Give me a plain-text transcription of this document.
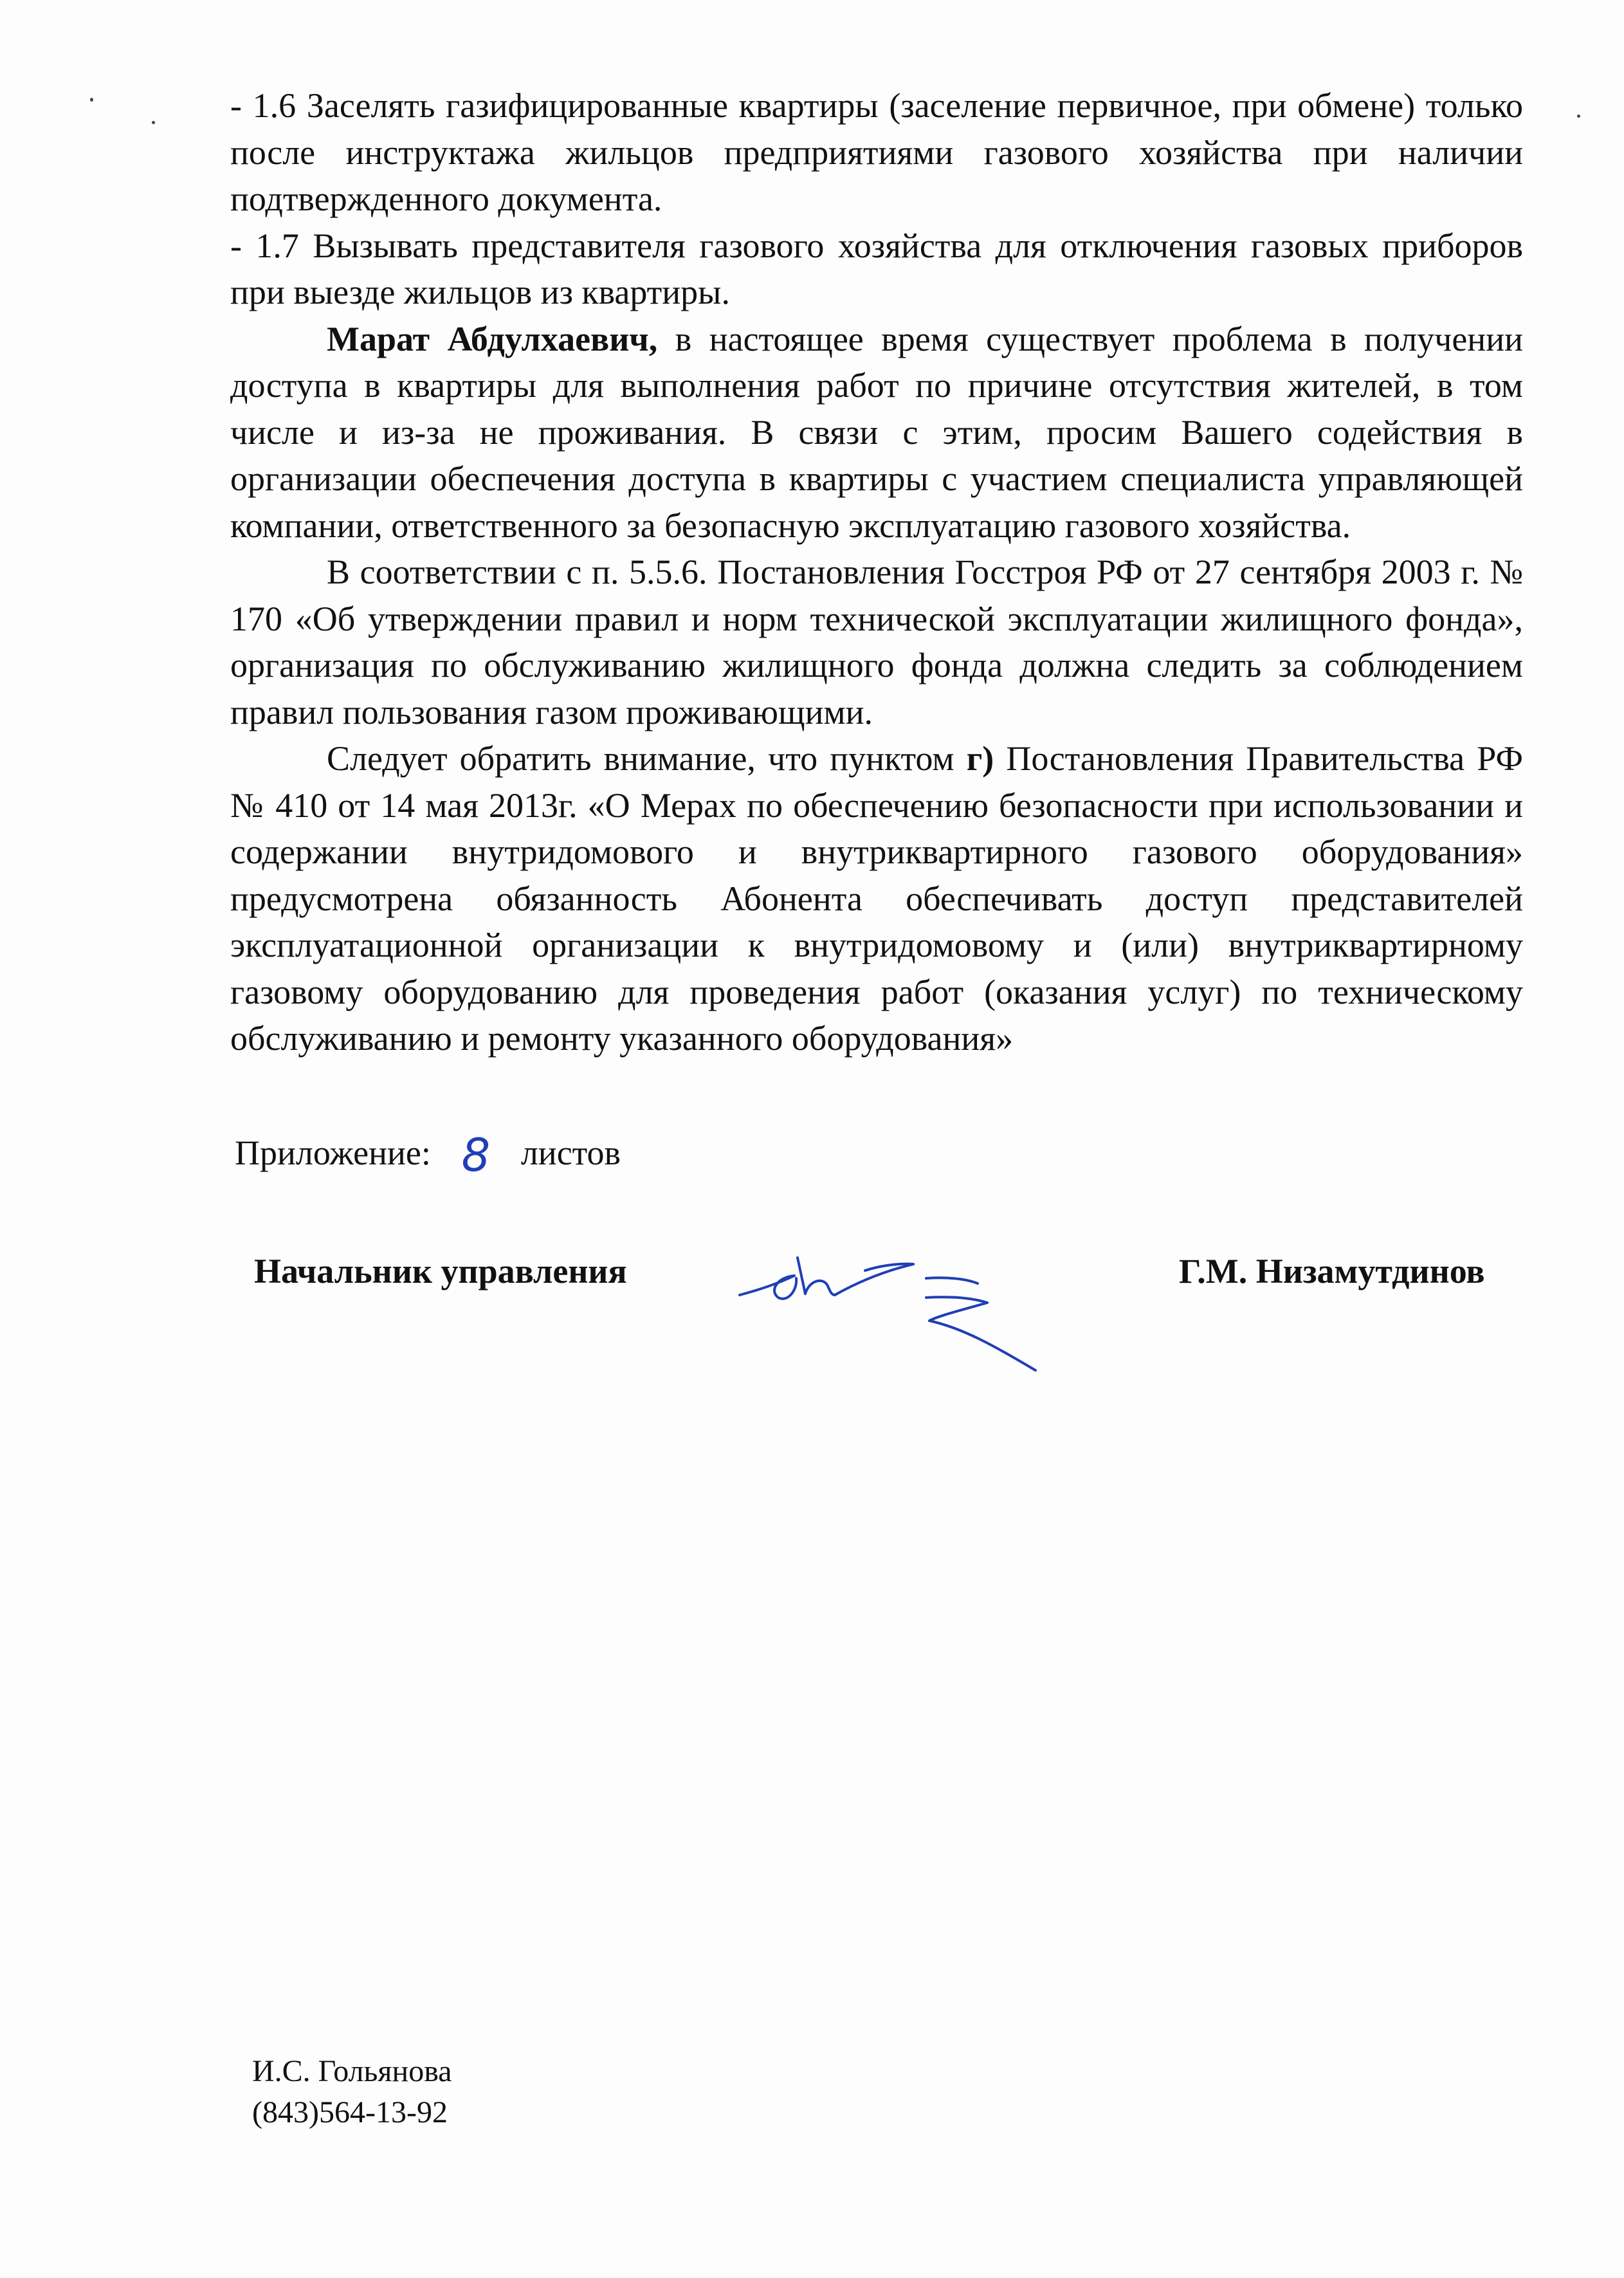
- 1.6 Заселять газифицированные квартиры (заселение первичное, при обмене) только после инструктажа жильцов предприятиями газового хозяйства при наличии подтвержденного документа.

- 1.7 Вызывать представителя газового хозяйства для отключения газовых приборов при выезде жильцов из квартиры.

Марат Абдулхаевич, в настоящее время существует проблема в получении доступа в квартиры для выполнения работ по причине отсутствия жителей, в том числе и из-за не проживания. В связи с этим, просим Вашего содействия в организации обеспечения доступа в квартиры с участием специалиста управляющей компании, ответственного за безопасную эксплуатацию газового хозяйства.

В соответствии с п. 5.5.6. Постановления Госстроя РФ от 27 сентября 2003 г. № 170 «Об утверждении правил и норм технической эксплуатации жилищного фонда», организация по обслуживанию жилищного фонда должна следить за соблюдением правил пользования газом проживающими.

Следует обратить внимание, что пунктом г) Постановления Правительства РФ № 410 от 14 мая 2013г. «О Мерах по обеспечению безопасности при использовании и содержании внутридомового и внутриквартирного газового оборудования» предусмотрена обязанность Абонента обеспечивать доступ представителей эксплуатационной организации к внутридомовому и (или) внутриквартирному газовому оборудованию для проведения работ (оказания услуг) по техническому обслуживанию и ремонту указанного оборудования»

Приложение: 8 листов
Начальник управления	Г.М. Низамутдинов
И.С. Гольянова
(843)564-13-92
